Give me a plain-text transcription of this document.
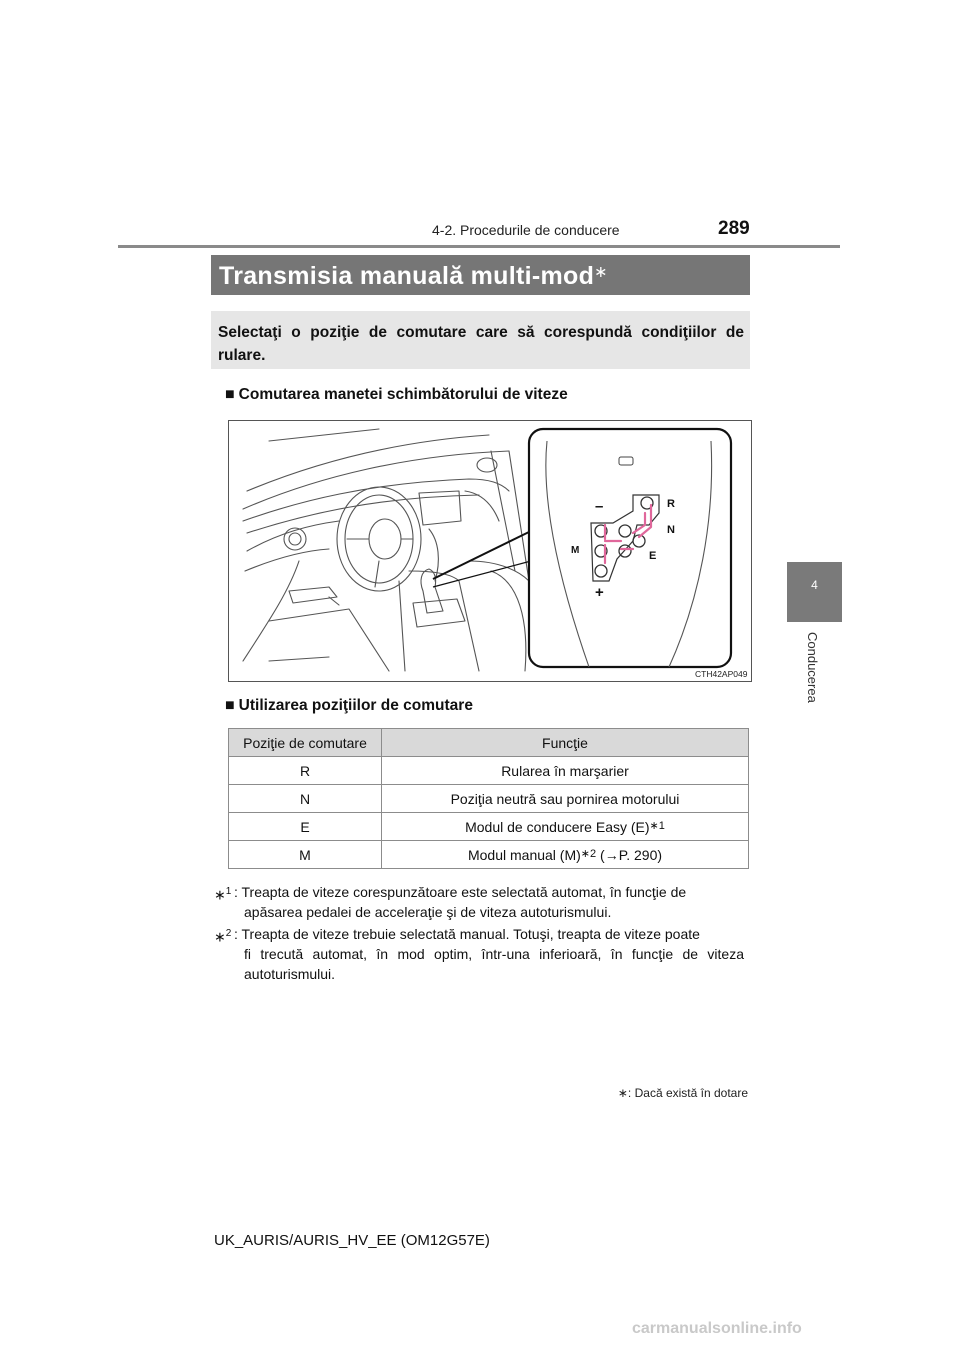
4-2. Procedurile de conducere	289
4
Conducerea
Transmisia manuală multi-mod∗
Selectaţi o poziţie de comutare care să corespundă condiţiilor de rulare.
■ Comutarea manetei schimbătorului de viteze
–	R
N
E
M
+
CTH42AP049
■ Utilizarea poziţiilor de comutare
Poziţie de comutare	Funcţie
R	Rularea în marşarier
N	Poziţia neutră sau pornirea motorului
E	Modul de conducere Easy (E)$^{∗1}$
M	Modul manual (M)$^{∗2}$ (→P. 290)
∗$^1$ : Treapta de viteze corespunzătoare este selectată automat, în funcţie de
apăsarea pedalei de acceleraţie şi de viteza autoturismului.
∗$^2$ : Treapta de viteze trebuie selectată manual. Totuşi, treapta de viteze poate
fi trecută automat, în mod optim, într-una inferioară, în funcţie de viteza autoturismului.
∗: Dacă există în dotare
UK_AURIS/AURIS_HV_EE (OM12G57E)
carmanualsonline.info
